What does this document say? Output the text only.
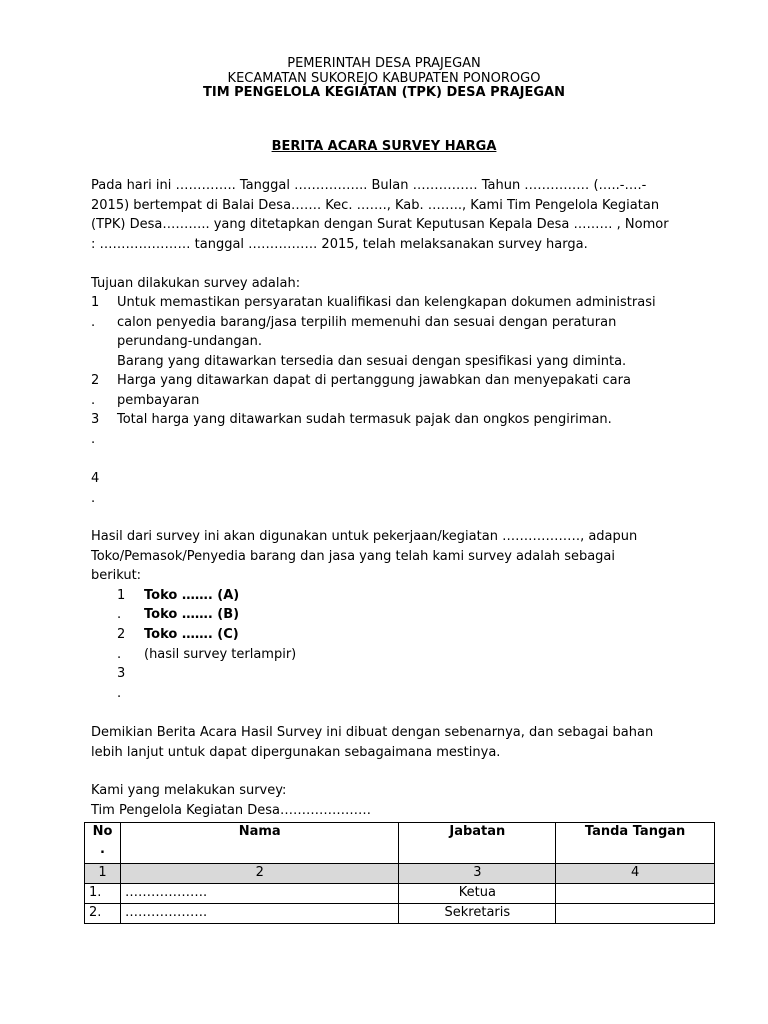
PEMERINTAH DESA PRAJEGAN
KECAMATAN SUKOREJO KABUPATEN PONOROGO
TIM PENGELOLA KEGIATAN (TPK) DESA PRAJEGAN
BERITA ACARA SURVEY HARGA
Pada hari ini ………….. Tanggal …………….. Bulan …………… Tahun …………… (…..-….-
2015) bertempat di Balai Desa……. Kec. ……., Kab. …….., Kami Tim Pengelola Kegiatan
(TPK) Desa……….. yang ditetapkan dengan Surat Keputusan Kepala Desa ……… , Nomor
: ………………… tanggal ……………. 2015, telah melaksanakan survey harga.
Tujuan dilakukan survey adalah:
1
.
Untuk memastikan persyaratan kualifikasi dan kelengkapan dokumen administrasi
calon penyedia barang/jasa terpilih memenuhi dan sesuai dengan peraturan
perundang-undangan.
Barang yang ditawarkan tersedia dan sesuai dengan spesifikasi yang diminta.
2
.
Harga yang ditawarkan dapat di pertanggung jawabkan dan menyepakati cara
pembayaran
3	Total harga yang ditawarkan sudah termasuk pajak dan ongkos pengiriman.
.
4
.
Hasil dari survey ini akan digunakan untuk pekerjaan/kegiatan ………………, adapun
Toko/Pemasok/Penyedia barang dan jasa yang telah kami survey adalah sebagai
berikut:
1
.
2
.
3
.
Toko ……. (A)
Toko ……. (B)
Toko ……. (C)
(hasil survey terlampir)
Demikian Berita Acara Hasil Survey ini dibuat dengan sebenarnya, dan sebagai bahan
lebih lanjut untuk dapat dipergunakan sebagaimana mestinya.
Kami yang melakukan survey:
Tim Pengelola Kegiatan Desa…………………
No
.	Nama	Jabatan	Tanda Tangan
1	2	3	4
1.	……………….	Ketua	
2.	……………….	Sekretaris	
